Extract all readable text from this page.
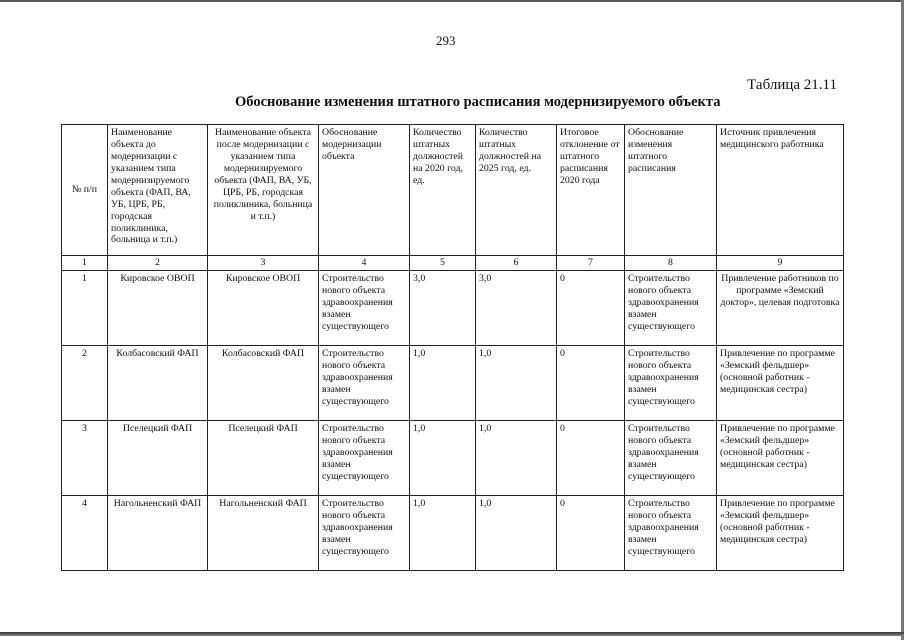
293
Таблица 21.11
Обоснование изменения штатного расписания модернизируемого объекта
№ п/п	Наименование объекта до модернизации с указанием типа модернизируемого объекта (ФАП, ВА, УБ, ЦРБ, РБ, городская поликлиника, больница и т.п.)	Наименование объекта после модернизации с указанием типа модернизируемого объекта (ФАП, ВА, УБ, ЦРБ, РБ, городская поликлиника, больница и т.п.)	Обоснование модернизации объекта	Количество штатных должностей на 2020 год, ед.	Количество штатных должностей на 2025 год, ед.	Итоговое отклонение от штатного расписания 2020 года	Обоснование изменения штатного расписания	Источник привлечения медицинского работника
1	2	3	4	5	6	7	8	9
1	Кировское ОВОП	Кировское ОВОП	Строительство нового объекта здравоохранения взамен существующего	3,0	3,0	0	Строительство нового объекта здравоохранения взамен существующего	Привлечение работников по программе «Земский доктор», целевая подготовка
2	Колбасовский ФАП	Колбасовский ФАП	Строительство нового объекта здравоохранения взамен существующего	1,0	1,0	0	Строительство нового объекта здравоохранения взамен существующего	Привлечение по программе «Земский фельдшер» (основной работник - медицинская сестра)
3	Пселецкий ФАП	Пселецкий ФАП	Строительство нового объекта здравоохранения взамен существующего	1,0	1,0	0	Строительство нового объекта здравоохранения взамен существующего	Привлечение по программе «Земский фельдшер» (основной работник - медицинская сестра)
4	Нагольненский ФАП	Нагольненский ФАП	Строительство нового объекта здравоохранения взамен существующего	1,0	1,0	0	Строительство нового объекта здравоохранения взамен существующего	Привлечение по программе «Земский фельдшер» (основной работник - медицинская сестра)
